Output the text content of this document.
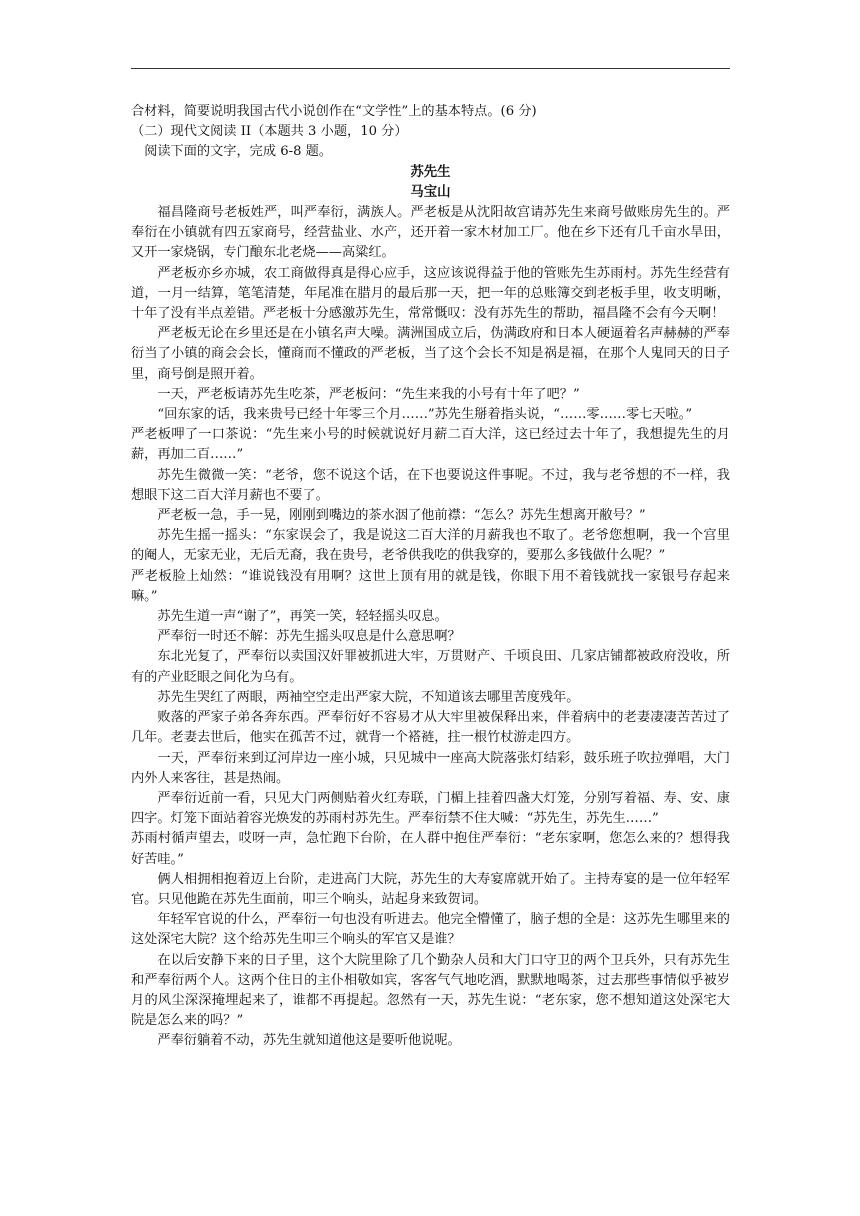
合材料，简要说明我国古代小说创作在“文学性”上的基本特点。(6 分)

（二）现代文阅读 II（本题共 3 小题，10 分）

阅读下面的文字，完成 6-8 题。

苏先生

马宝山

福昌隆商号老板姓严，叫严奉衍，满族人。严老板是从沈阳故宫请苏先生来商号做账房先生的。严奉衍在小镇就有四五家商号，经营盐业、水产，还开着一家木材加工厂。他在乡下还有几千亩水旱田，又开一家烧锅，专门酿东北老烧——高粱红。

严老板亦乡亦城，农工商做得真是得心应手，这应该说得益于他的管账先生苏雨村。苏先生经营有道，一月一结算，笔笔清楚，年尾准在腊月的最后那一天，把一年的总账簿交到老板手里，收支明晰，十年了没有半点差错。严老板十分感激苏先生，常常慨叹：没有苏先生的帮助，福昌隆不会有今天啊！

严老板无论在乡里还是在小镇名声大噪。满洲国成立后，伪满政府和日本人硬逼着名声赫赫的严奉衍当了小镇的商会会长，懂商而不懂政的严老板，当了这个会长不知是祸是福，在那个人鬼同天的日子里，商号倒是照开着。

一天，严老板请苏先生吃茶，严老板问：“先生来我的小号有十年了吧？”

“回东家的话，我来贵号已经十年零三个月……”苏先生掰着指头说，“……零……零七天啦。”

严老板呷了一口茶说：“先生来小号的时候就说好月薪二百大洋，这已经过去十年了，我想提先生的月薪，再加二百……”

苏先生微微一笑：“老爷，您不说这个话，在下也要说这件事呢。不过，我与老爷想的不一样，我想眼下这二百大洋月薪也不要了。

严老板一急，手一晃，刚刚到嘴边的茶水洇了他前襟：“怎么？苏先生想离开敝号？”

苏先生摇一摇头：“东家误会了，我是说这二百大洋的月薪我也不取了。老爷您想啊，我一个宫里的阉人，无家无业，无后无裔，我在贵号，老爷供我吃的供我穿的，要那么多钱做什么呢？”

严老板脸上灿然：“谁说钱没有用啊？这世上顶有用的就是钱，你眼下用不着钱就找一家银号存起来嘛。”

苏先生道一声“谢了”，再笑一笑，轻轻摇头叹息。

严奉衍一时还不解：苏先生摇头叹息是什么意思啊？

东北光复了，严奉衍以卖国汉奸罪被抓进大牢，万贯财产、千顷良田、几家店铺都被政府没收，所有的产业眨眼之间化为乌有。

苏先生哭红了两眼，两袖空空走出严家大院，不知道该去哪里苦度残年。

败落的严家子弟各奔东西。严奉衍好不容易才从大牢里被保释出来，伴着病中的老妻凄凄苦苦过了几年。老妻去世后，他实在孤苦不过，就背一个褡裢，拄一根竹杖游走四方。

一天，严奉衍来到辽河岸边一座小城，只见城中一座高大院落张灯结彩，鼓乐班子吹拉弹唱，大门内外人来客往，甚是热闹。

严奉衍近前一看，只见大门两侧贴着火红寿联，门楣上挂着四盏大灯笼，分别写着福、寿、安、康四字。灯笼下面站着容光焕发的苏雨村苏先生。严奉衍禁不住大喊：“苏先生，苏先生……”

苏雨村循声望去，哎呀一声，急忙跑下台阶，在人群中抱住严奉衍：“老东家啊，您怎么来的？想得我好苦哇。”

俩人相拥相抱着迈上台阶，走进高门大院，苏先生的大寿宴席就开始了。主持寿宴的是一位年轻军官。只见他跪在苏先生面前，叩三个响头，站起身来致贺词。

年轻军官说的什么，严奉衍一句也没有听进去。他完全懵懂了，脑子想的全是：这苏先生哪里来的这处深宅大院？这个给苏先生叩三个响头的军官又是谁？

在以后安静下来的日子里，这个大院里除了几个勤杂人员和大门口守卫的两个卫兵外，只有苏先生和严奉衍两个人。这两个住日的主仆相敬如宾，客客气气地吃酒，默默地喝茶，过去那些事情似乎被岁月的风尘深深掩埋起来了，谁都不再提起。忽然有一天，苏先生说：“老东家，您不想知道这处深宅大院是怎么来的吗？”

严奉衍躺着不动，苏先生就知道他这是要听他说呢。
